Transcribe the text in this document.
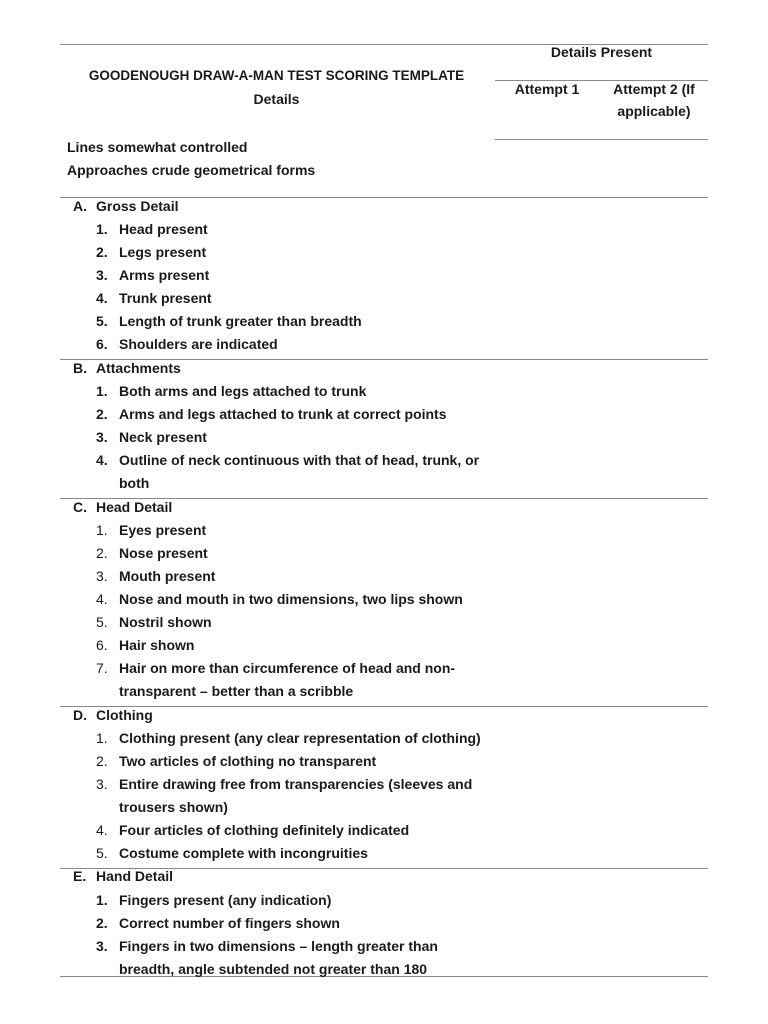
GOODENOUGH DRAW-A-MAN TEST SCORING TEMPLATE
Details
Details Present
Attempt 1	Attempt 2 (If
applicable)
Lines somewhat controlled
Approaches crude geometrical forms
A. Gross Detail
1. Head present
2. Legs present
3. Arms present
4. Trunk present
5. Length of trunk greater than breadth
6. Shoulders are indicated
B. Attachments
1. Both arms and legs attached to trunk
2. Arms and legs attached to trunk at correct points
3. Neck present
4. Outline of neck continuous with that of head, trunk, or
both
C. Head Detail
1. Eyes present
2. Nose present
3. Mouth present
4. Nose and mouth in two dimensions, two lips shown
5. Nostril shown
6. Hair shown
7. Hair on more than circumference of head and non-
transparent – better than a scribble
D. Clothing
1. Clothing present (any clear representation of clothing)
2. Two articles of clothing no transparent
3. Entire drawing free from transparencies (sleeves and
trousers shown)
4. Four articles of clothing definitely indicated
5. Costume complete with incongruities
E. Hand Detail
1. Fingers present (any indication)
2. Correct number of fingers shown
3. Fingers in two dimensions – length greater than
breadth, angle subtended not greater than 180
